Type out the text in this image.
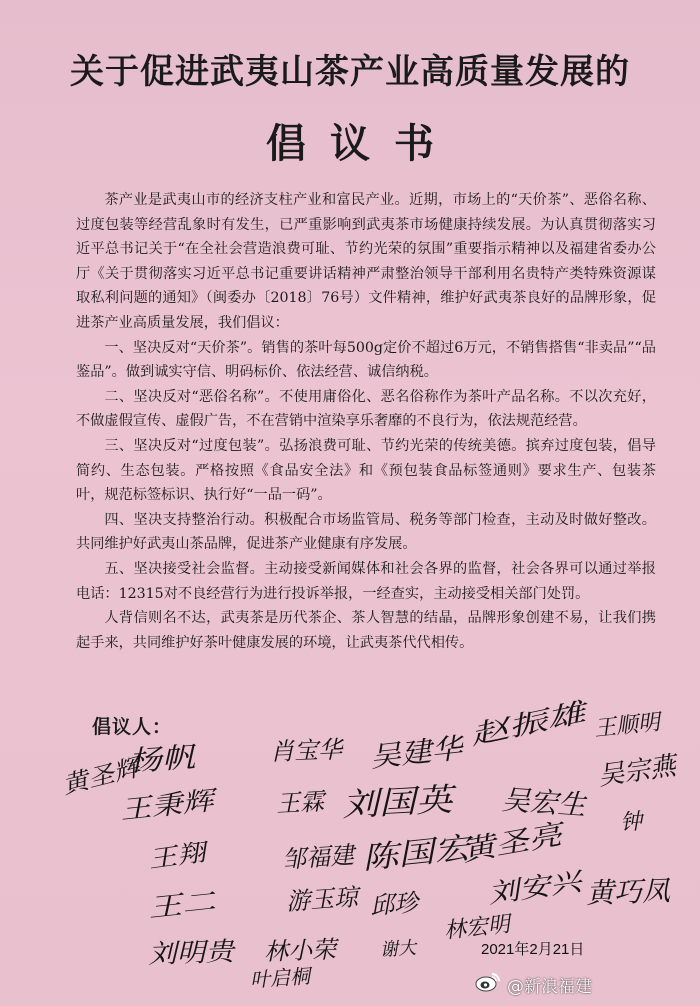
关于促进武夷山茶产业高质量发展的
倡议书

茶产业是武夷山市的经济支柱产业和富民产业。近期，市场上的“天价茶”、恶俗名称、过度包装等经营乱象时有发生，已严重影响到武夷茶市场健康持续发展。为认真贯彻落实习近平总书记关于“在全社会营造浪费可耻、节约光荣的氛围”重要指示精神以及福建省委办公厅《关于贯彻落实习近平总书记重要讲话精神严肃整治领导干部利用名贵特产类特殊资源谋取私利问题的通知》（闽委办〔2018〕76号）文件精神，维护好武夷茶良好的品牌形象，促进茶产业高质量发展，我们倡议：

一、坚决反对“天价茶”。销售的茶叶每500g定价不超过6万元，不销售搭售“非卖品”“品鉴品”。做到诚实守信、明码标价、依法经营、诚信纳税。

二、坚决反对“恶俗名称”。不使用庸俗化、恶名俗称作为茶叶产品名称。不以次充好，不做虚假宣传、虚假广告，不在营销中渲染享乐奢靡的不良行为，依法规范经营。

三、坚决反对“过度包装”。弘扬浪费可耻、节约光荣的传统美德。摈弃过度包装，倡导简约、生态包装。严格按照《食品安全法》和《预包装食品标签通则》要求生产、包装茶叶，规范标签标识、执行好“一品一码”。

四、坚决支持整治行动。积极配合市场监管局、税务等部门检查，主动及时做好整改。共同维护好武夷山茶品牌，促进茶产业健康有序发展。

五、坚决接受社会监督。主动接受新闻媒体和社会各界的监督，社会各界可以通过举报电话：12315对不良经营行为进行投诉举报，一经查实，主动接受相关部门处罚。

人背信则名不达，武夷茶是历代茶企、茶人智慧的结晶，品牌形象创建不易，让我们携起手来，共同维护好茶叶健康发展的环境，让武夷茶代代相传。

倡议人：
黄圣辉
杨帆	肖宝华 吴建华
赵振雄 王顺明
王秉辉	王霖 刘国英 吴宏生
吴宗燕
王翔	邹福建 陈国宏
黄圣亮 钟
王二	游玉琼 邱珍	刘安兴 黄巧凤
林小荣
叶启桐
林宏明
谢大
刘明贵	2021年2月21日
@新浪福建
